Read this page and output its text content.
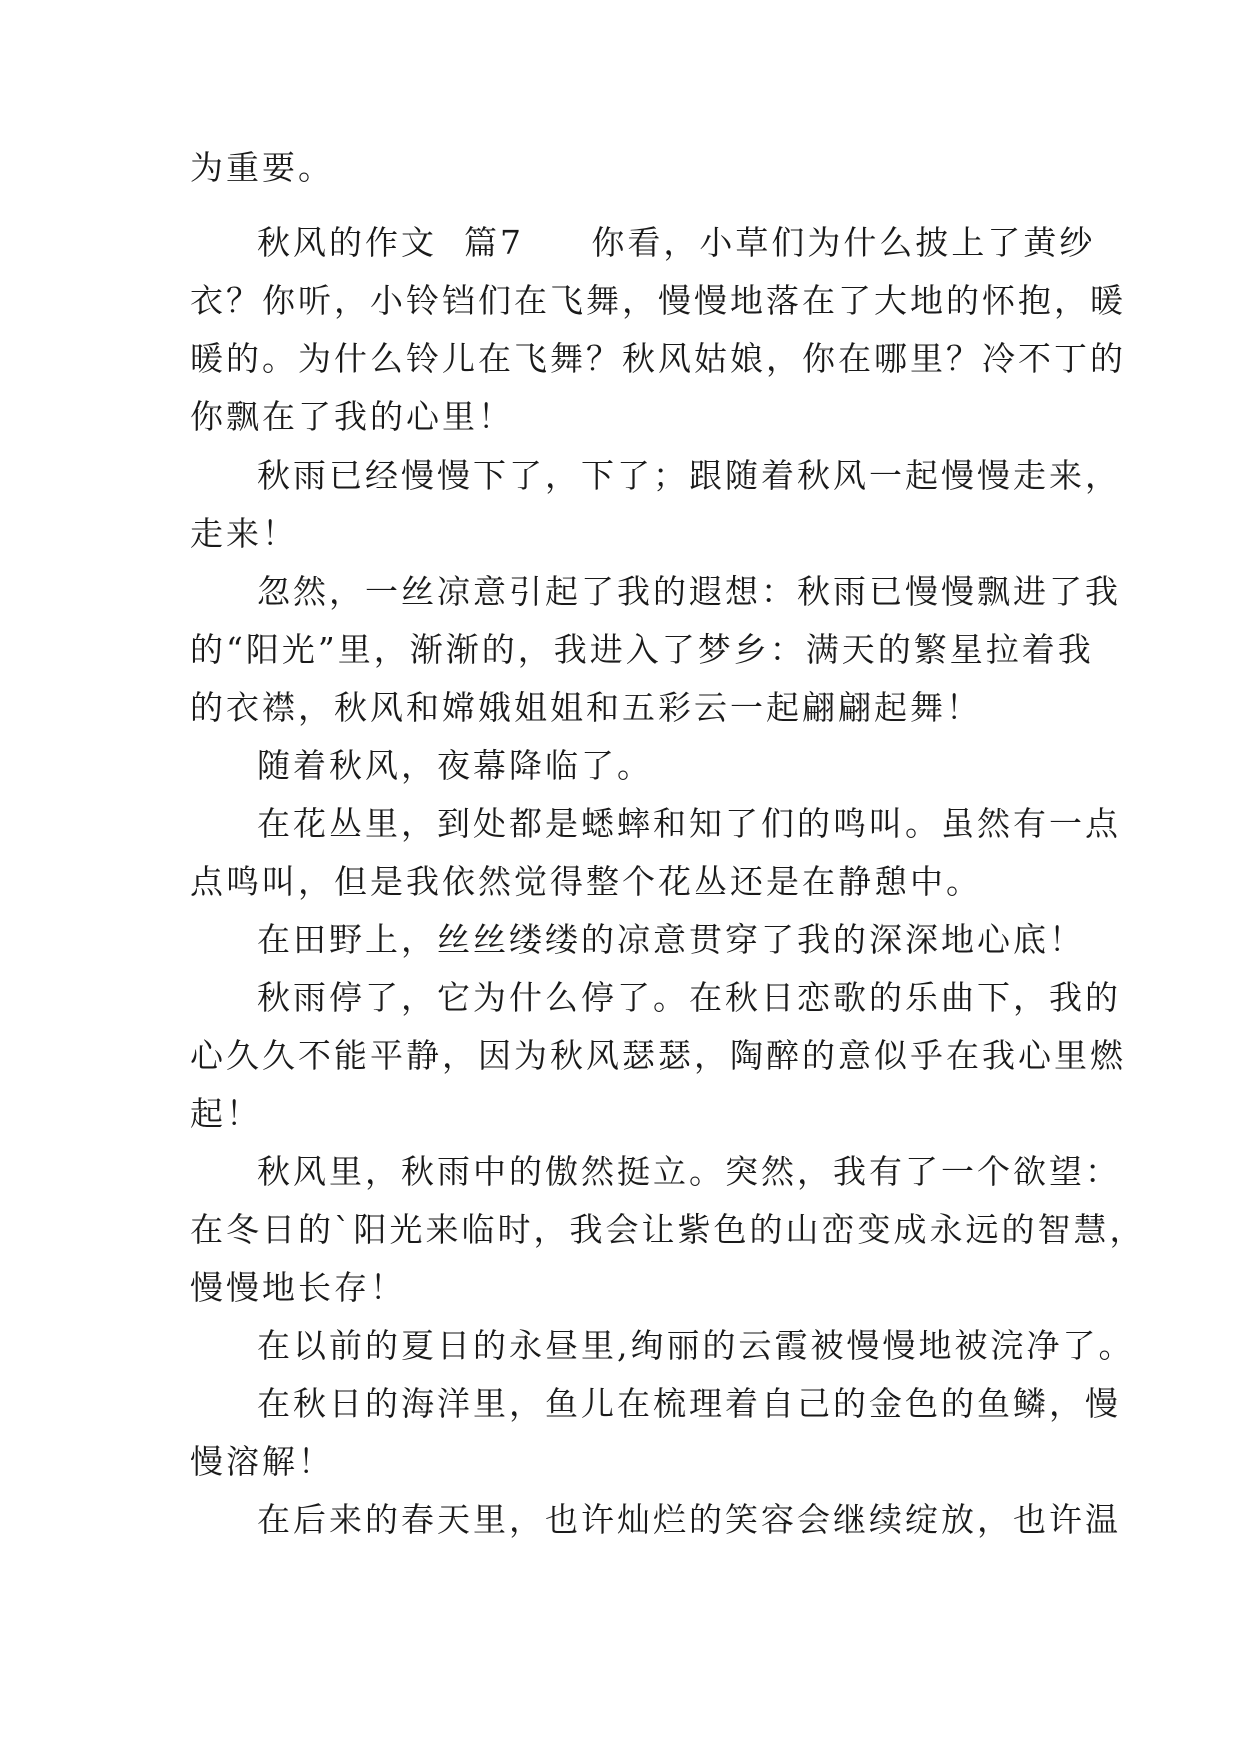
为重要。
秋风的作文  篇7     你看，小草们为什么披上了黄纱
衣？你听，小铃铛们在飞舞，慢慢地落在了大地的怀抱，暖
暖的。为什么铃儿在飞舞？秋风姑娘，你在哪里？冷不丁的
你飘在了我的心里！
秋雨已经慢慢下了，下了；跟随着秋风一起慢慢走来，
走来！
忽然，一丝凉意引起了我的遐想：秋雨已慢慢飘进了我
的“阳光”里，渐渐的，我进入了梦乡：满天的繁星拉着我
的衣襟，秋风和嫦娥姐姐和五彩云一起翩翩起舞！
随着秋风，夜幕降临了。
在花丛里，到处都是蟋蟀和知了们的鸣叫。虽然有一点
点鸣叫，但是我依然觉得整个花丛还是在静憩中。
在田野上，丝丝缕缕的凉意贯穿了我的深深地心底！
秋雨停了，它为什么停了。在秋日恋歌的乐曲下，我的
心久久不能平静，因为秋风瑟瑟，陶醉的意似乎在我心里燃
起！
秋风里，秋雨中的傲然挺立。突然，我有了一个欲望：
在冬日的`阳光来临时，我会让紫色的山峦变成永远的智慧，
慢慢地长存！
在以前的夏日的永昼里,绚丽的云霞被慢慢地被浣净了。
在秋日的海洋里，鱼儿在梳理着自己的金色的鱼鳞，慢
慢溶解！
在后来的春天里，也许灿烂的笑容会继续绽放，也许温
